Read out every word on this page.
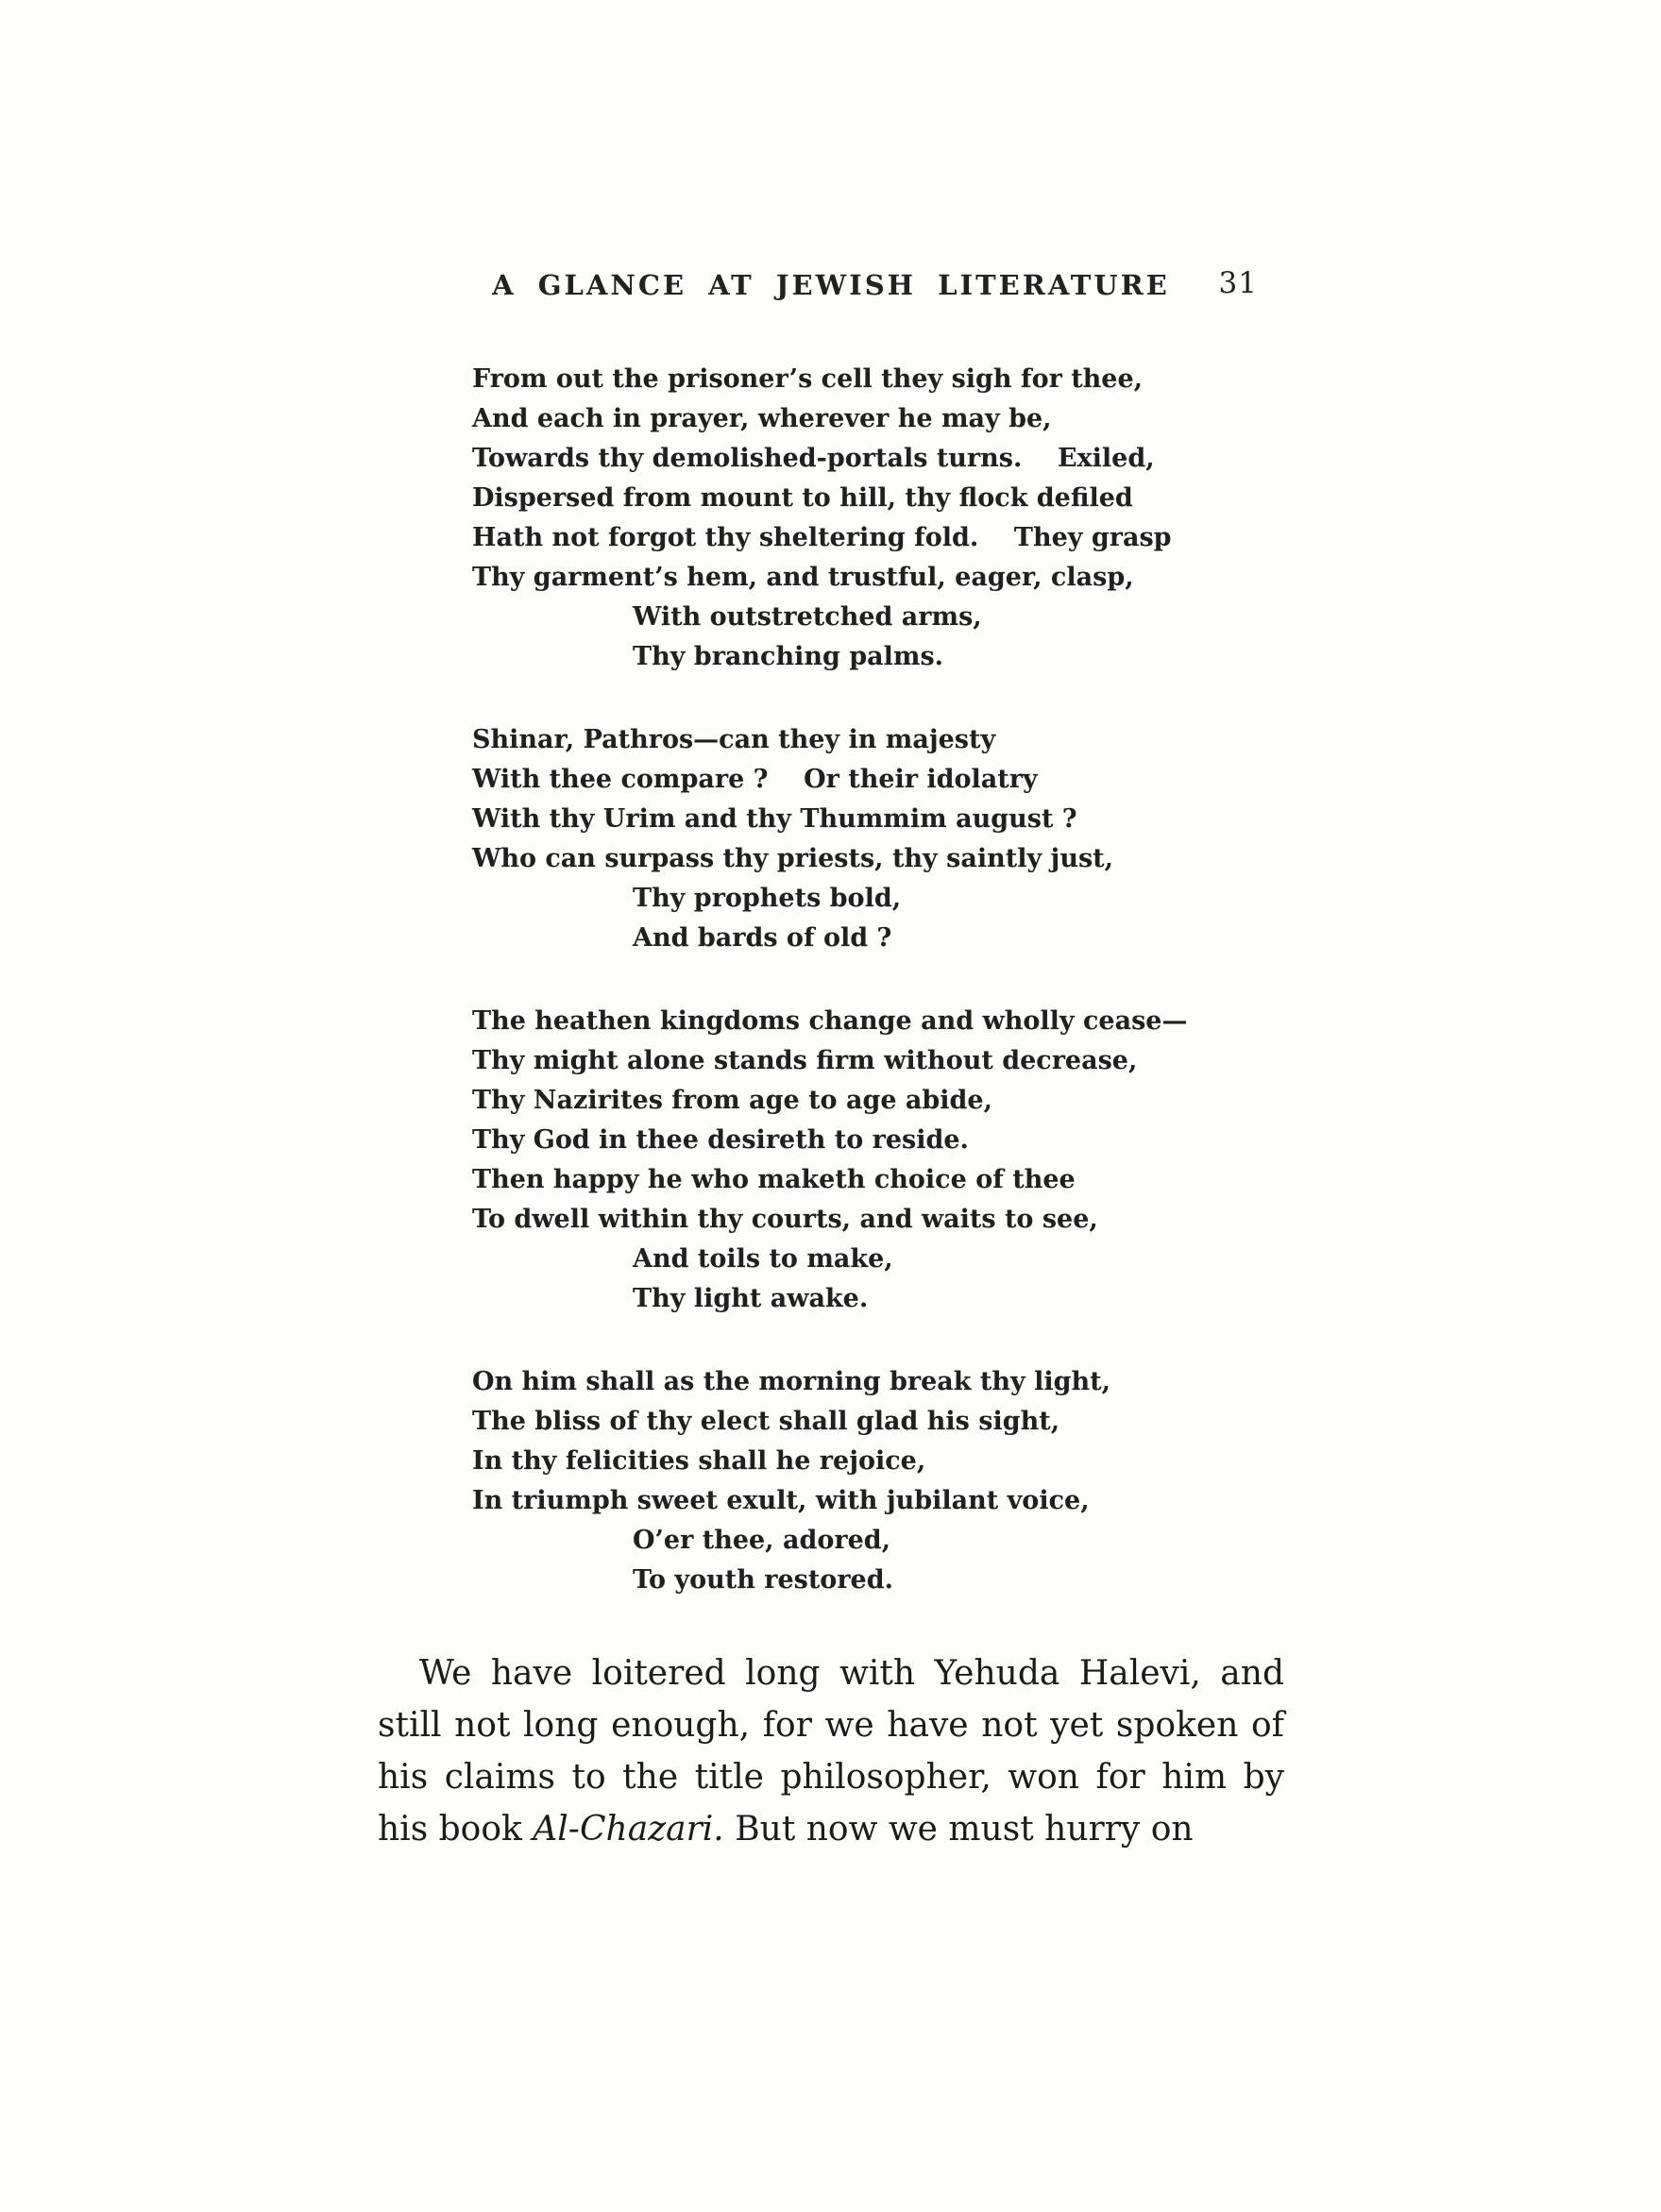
A GLANCE AT JEWISH LITERATURE	31
From out the prisoner’s cell they sigh for thee,
And each in prayer, wherever he may be,
Towards thy demolished-portals turns.    Exiled,
Dispersed from mount to hill, thy flock defiled
Hath not forgot thy sheltering fold.    They grasp
Thy garment’s hem, and trustful, eager, clasp,
With outstretched arms,
Thy branching palms.
Shinar, Pathros—can they in majesty
With thee compare ?    Or their idolatry
With thy Urim and thy Thummim august ?
Who can surpass thy priests, thy saintly just,
Thy prophets bold,
And bards of old ?
The heathen kingdoms change and wholly cease—
Thy might alone stands firm without decrease,
Thy Nazirites from age to age abide,
Thy God in thee desireth to reside.
Then happy he who maketh choice of thee
To dwell within thy courts, and waits to see,
And toils to make,
Thy light awake.
On him shall as the morning break thy light,
The bliss of thy elect shall glad his sight,
In thy felicities shall he rejoice,
In triumph sweet exult, with jubilant voice,
O’er thee, adored,
To youth restored.

We have loitered long with Yehuda Halevi, and still not long enough, for we have not yet spoken of his claims to the title philosopher, won for him by his book Al-Chazari. But now we must hurry on
